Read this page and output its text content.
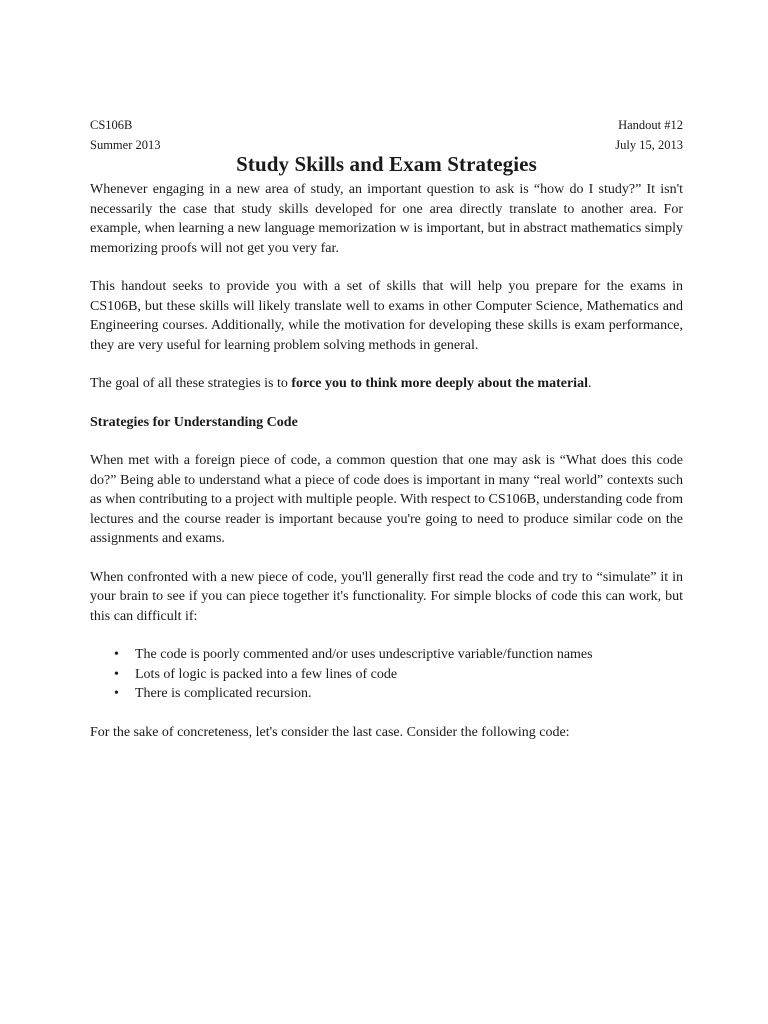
CS106B	Handout #12
Summer 2013	July 15, 2013
Study Skills and Exam Strategies

Whenever engaging in a new area of study, an important question to ask is “how do I study?” It isn't necessarily the case that study skills developed for one area directly translate to another area. For example, when learning a new language memorization w is important, but in abstract mathematics simply memorizing proofs will not get you very far.

This handout seeks to provide you with a set of skills that will help you prepare for the exams in CS106B, but these skills will likely translate well to exams in other Computer Science, Mathematics and Engineering courses. Additionally, while the motivation for developing these skills is exam performance, they are very useful for learning problem solving methods in general.

The goal of all these strategies is to force you to think more deeply about the material.

Strategies for Understanding Code

When met with a foreign piece of code, a common question that one may ask is “What does this code do?” Being able to understand what a piece of code does is important in many “real world” contexts such as when contributing to a project with multiple people. With respect to CS106B, understanding code from lectures and the course reader is important because you're going to need to produce similar code on the assignments and exams.

When confronted with a new piece of code, you'll generally first read the code and try to “simulate” it in your brain to see if you can piece together it's functionality. For simple blocks of code this can work, but this can difficult if:

• The code is poorly commented and/or uses undescriptive variable/function names
• Lots of logic is packed into a few lines of code
• There is complicated recursion.

For the sake of concreteness, let's consider the last case. Consider the following code:
